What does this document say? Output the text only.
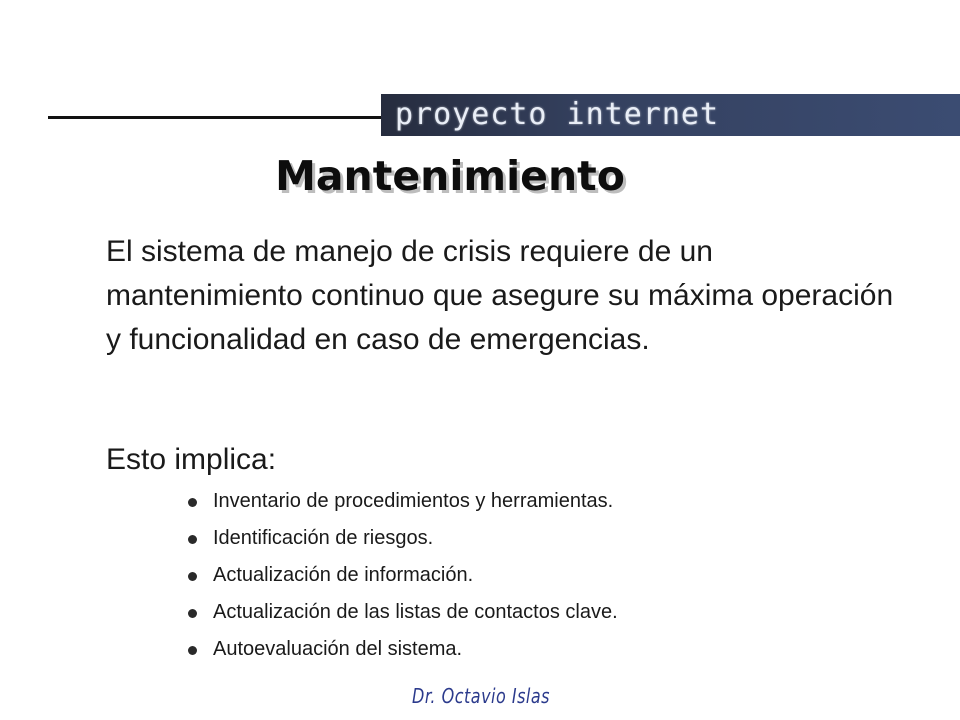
proyecto internet
Mantenimiento

El sistema de manejo de crisis requiere de un mantenimiento continuo que asegure su máxima operación y funcionalidad en caso de emergencias.

Esto implica:

Inventario de procedimientos y herramientas.
Identificación de riesgos.
Actualización de información.
Actualización de las listas de contactos clave.
Autoevaluación del sistema.
Dr. Octavio Islas
